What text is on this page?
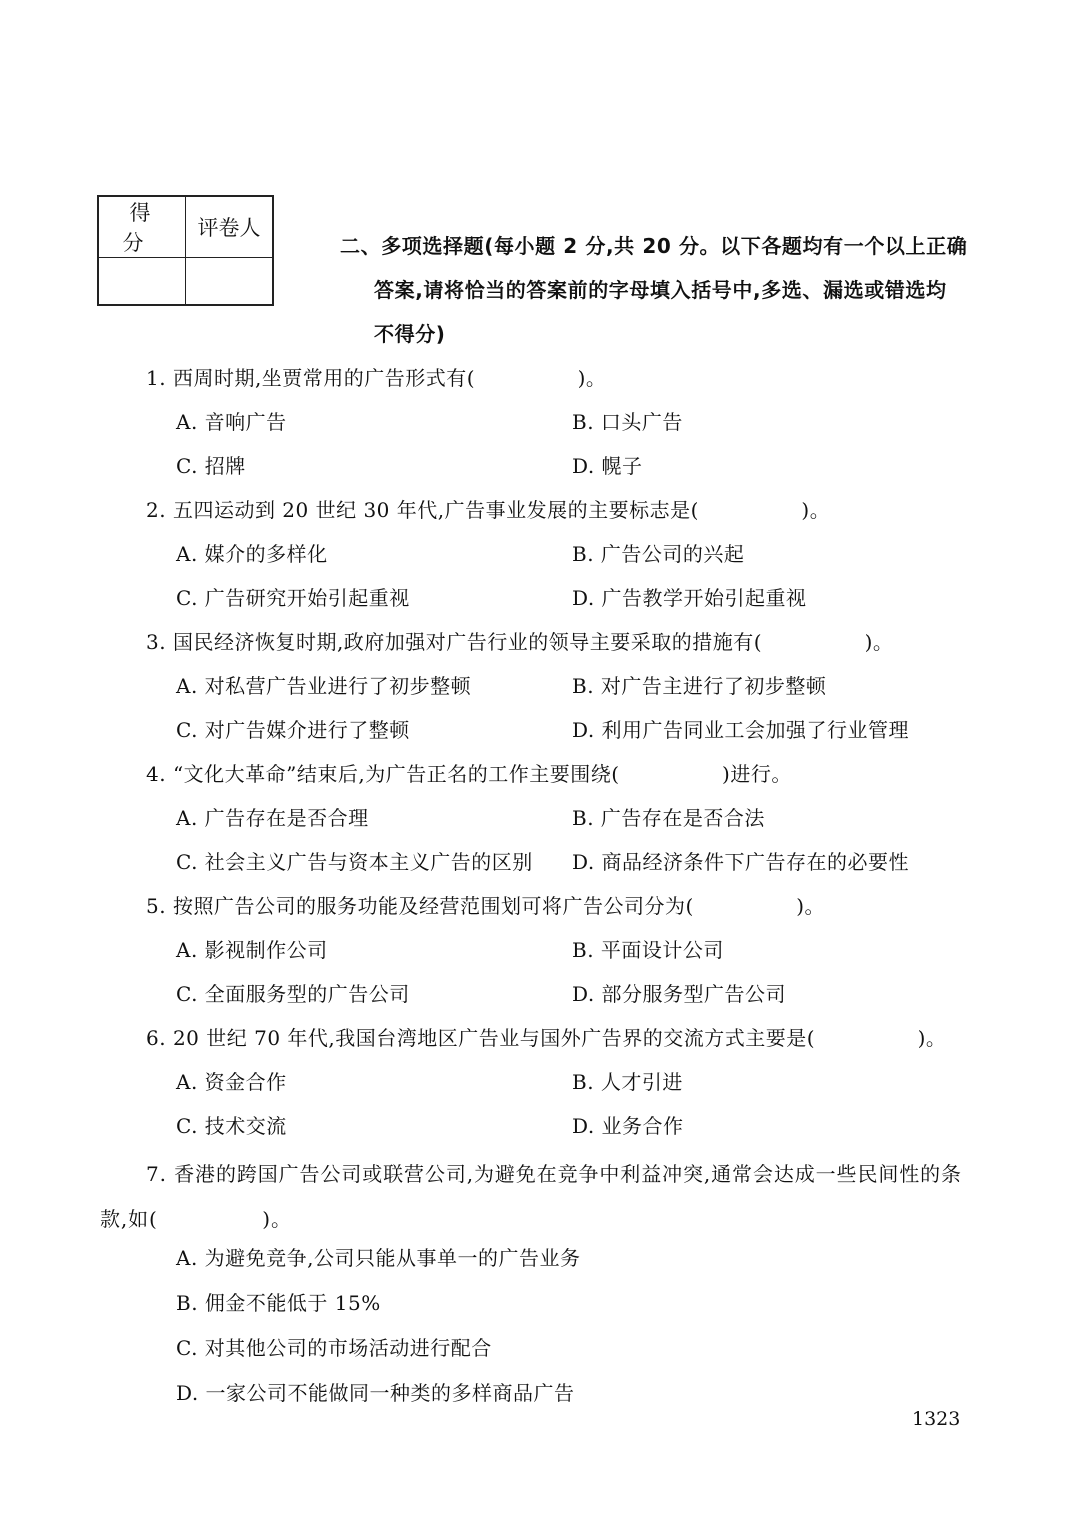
得分	评卷人

二、多项选择题(每小题 2 分,共 20 分。以下各题均有一个以上正确
答案,请将恰当的答案前的字母填入括号中,多选、漏选或错选均
不得分)
1. 西周时期,坐贾常用的广告形式有(　　　　　)。
A. 音响广告	B. 口头广告
C. 招牌	D. 幌子
2. 五四运动到 20 世纪 30 年代,广告事业发展的主要标志是(　　　　　)。
A. 媒介的多样化	B. 广告公司的兴起
C. 广告研究开始引起重视	D. 广告教学开始引起重视
3. 国民经济恢复时期,政府加强对广告行业的领导主要采取的措施有(　　　　　)。
A. 对私营广告业进行了初步整顿	B. 对广告主进行了初步整顿
C. 对广告媒介进行了整顿	D. 利用广告同业工会加强了行业管理
4. “文化大革命”结束后,为广告正名的工作主要围绕(　　　　　)进行。
A. 广告存在是否合理	B. 广告存在是否合法
C. 社会主义广告与资本主义广告的区别 D. 商品经济条件下广告存在的必要性
5. 按照广告公司的服务功能及经营范围划可将广告公司分为(　　　　　)。
A. 影视制作公司	B. 平面设计公司
C. 全面服务型的广告公司	D. 部分服务型广告公司
6. 20 世纪 70 年代,我国台湾地区广告业与国外广告界的交流方式主要是(　　　　　)。
A. 资金合作	B. 人才引进
C. 技术交流	D. 业务合作
7. 香港的跨国广告公司或联营公司,为避免在竞争中利益冲突,通常会达成一些民间性的条款,如(　　　　　)。
A. 为避免竞争,公司只能从事单一的广告业务
B. 佣金不能低于 15%
C. 对其他公司的市场活动进行配合
D. 一家公司不能做同一种类的多样商品广告
1323
